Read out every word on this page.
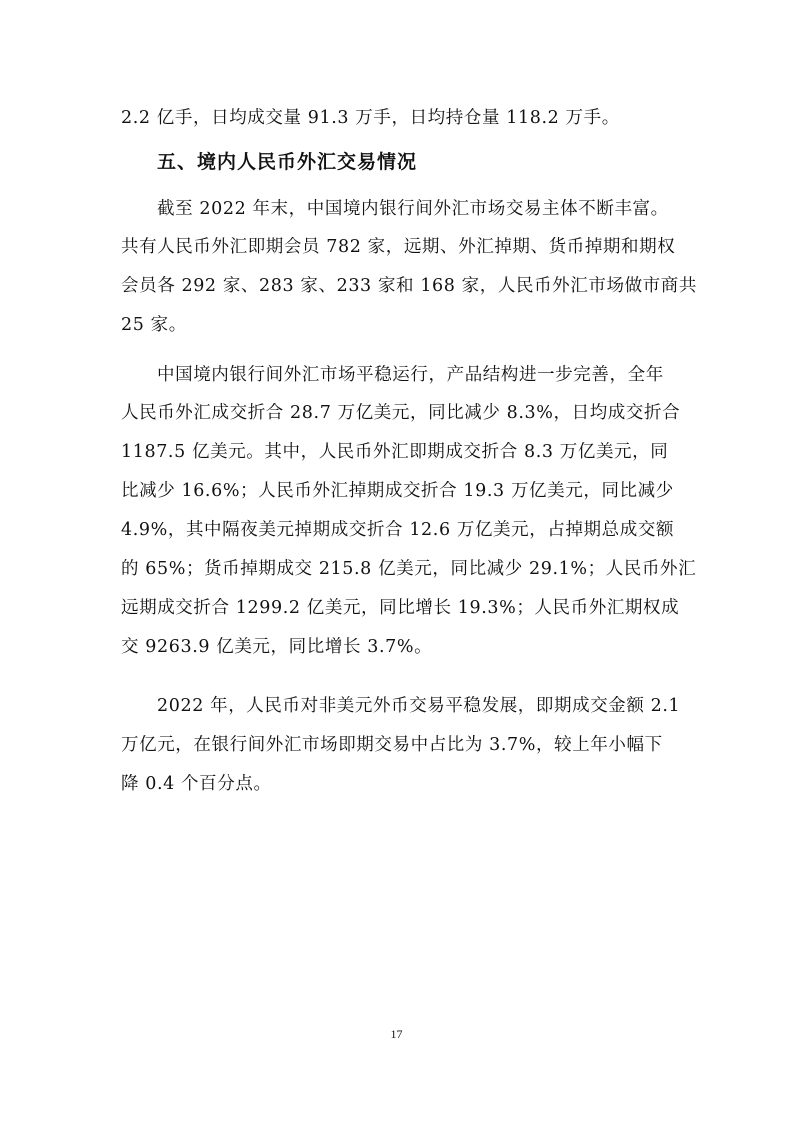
2.2 亿手，日均成交量 91.3 万手，日均持仓量 118.2 万手。
五、境内人民币外汇交易情况
截至 2022 年末，中国境内银行间外汇市场交易主体不断丰富。
共有人民币外汇即期会员 782 家，远期、外汇掉期、货币掉期和期权
会员各 292 家、283 家、233 家和 168 家，人民币外汇市场做市商共
25 家。
中国境内银行间外汇市场平稳运行，产品结构进一步完善，全年
人民币外汇成交折合 28.7 万亿美元，同比减少 8.3%，日均成交折合
1187.5 亿美元。其中，人民币外汇即期成交折合 8.3 万亿美元，同
比减少 16.6%；人民币外汇掉期成交折合 19.3 万亿美元，同比减少
4.9%，其中隔夜美元掉期成交折合 12.6 万亿美元，占掉期总成交额
的 65%；货币掉期成交 215.8 亿美元，同比减少 29.1%；人民币外汇
远期成交折合 1299.2 亿美元，同比增长 19.3%；人民币外汇期权成
交 9263.9 亿美元，同比增长 3.7%。
2022 年，人民币对非美元外币交易平稳发展，即期成交金额 2.1
万亿元，在银行间外汇市场即期交易中占比为 3.7%，较上年小幅下
降 0.4 个百分点。
17
